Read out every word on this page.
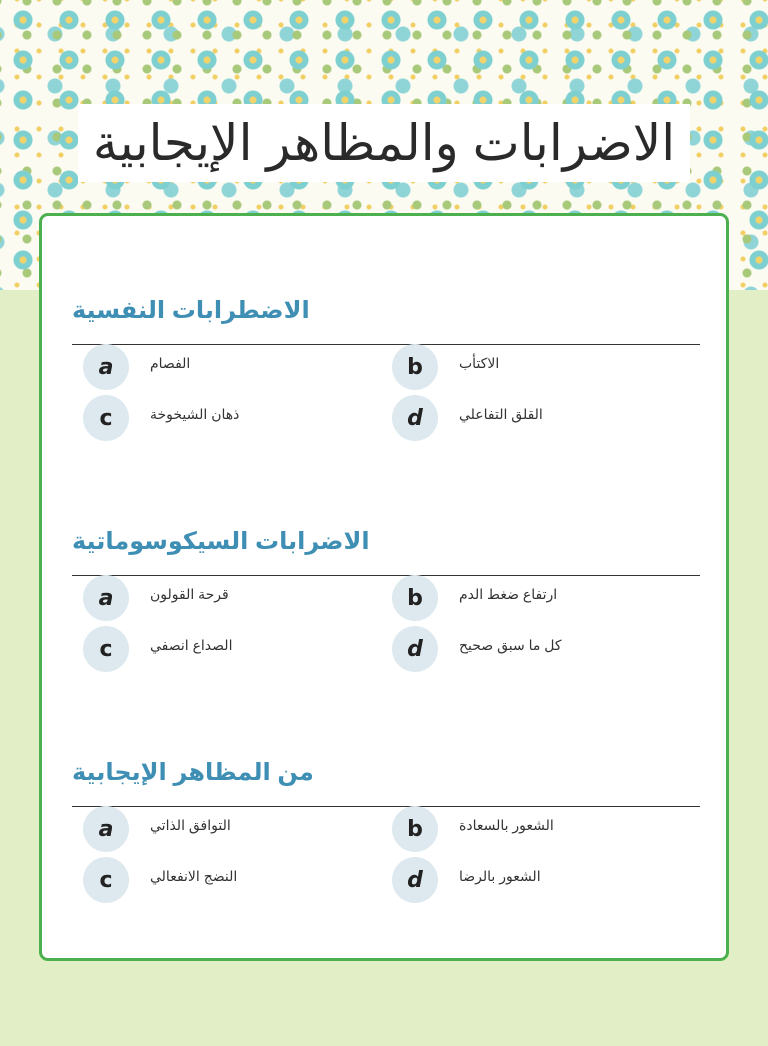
الاضرابات والمظاهر الإيجابية
الاضطرابات النفسية
a	الفصام	b	الاكتأب
c	ذهان الشيخوخة	d	القلق التفاعلي
الاضرابات السيكوسوماتية
a	قرحة القولون	b	ارتفاع ضغط الدم
c	الصداع انصفي	d	كل ما سبق صحيح
من المظاهر الإيجابية
a	التوافق الذاتي	b	الشعور بالسعادة
c	النضج الانفعالي	d	الشعور بالرضا
